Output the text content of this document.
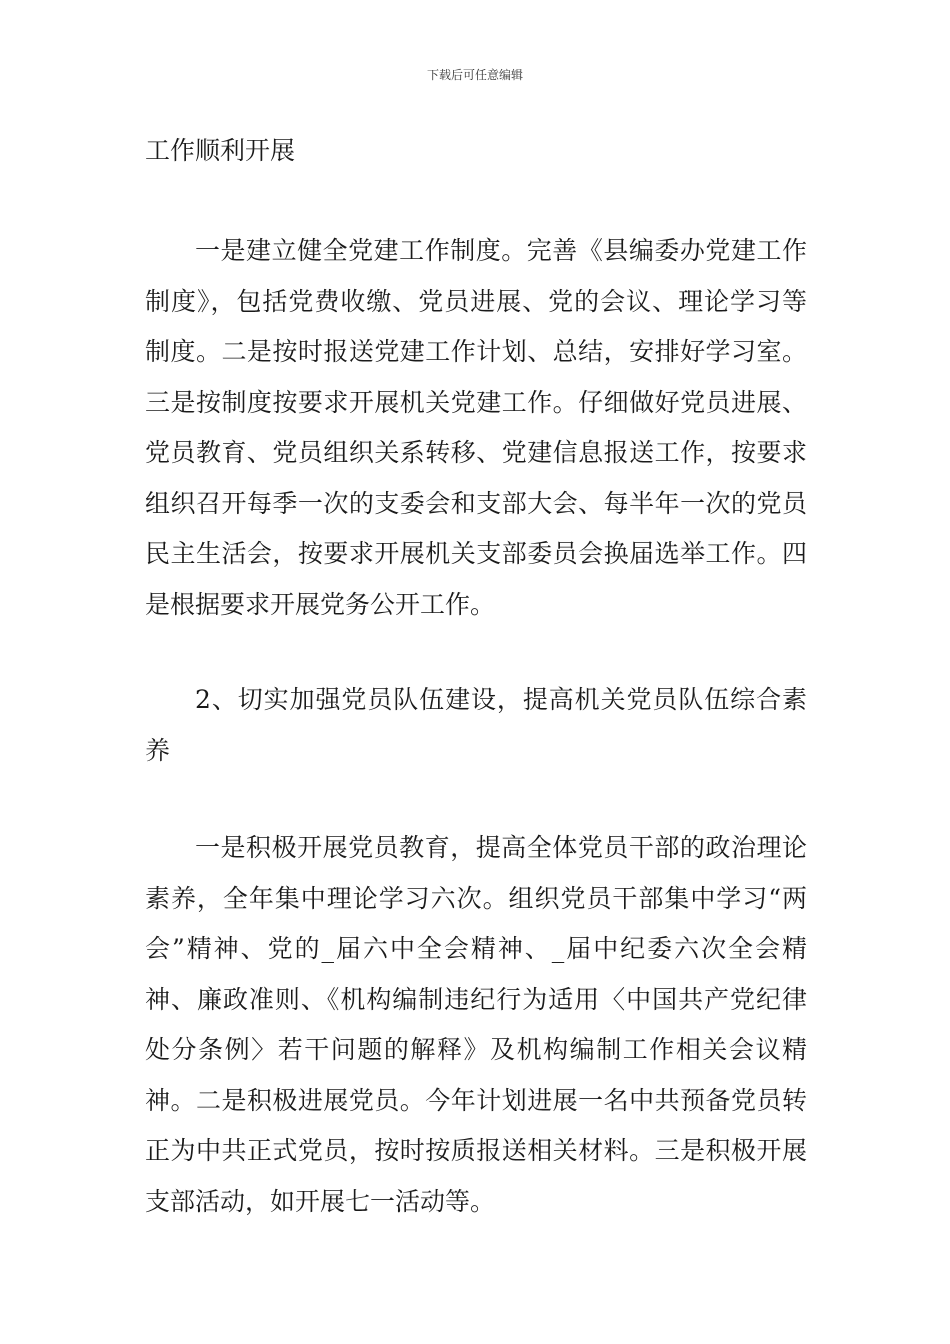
下载后可任意编辑

工作顺利开展

一是建立健全党建工作制度。完善《县编委办党建工作制度》，包括党费收缴、党员进展、党的会议、理论学习等制度。二是按时报送党建工作计划、总结，安排好学习室。三是按制度按要求开展机关党建工作。仔细做好党员进展、党员教育、党员组织关系转移、党建信息报送工作，按要求组织召开每季一次的支委会和支部大会、每半年一次的党员民主生活会，按要求开展机关支部委员会换届选举工作。四是根据要求开展党务公开工作。

2、切实加强党员队伍建设，提高机关党员队伍综合素养

一是积极开展党员教育，提高全体党员干部的政治理论素养，全年集中理论学习六次。组织党员干部集中学习“两会”精神、党的_届六中全会精神、_届中纪委六次全会精神、廉政准则、《机构编制违纪行为适用〈中国共产党纪律处分条例〉若干问题的解释》及机构编制工作相关会议精神。二是积极进展党员。今年计划进展一名中共预备党员转正为中共正式党员，按时按质报送相关材料。三是积极开展支部活动，如开展七一活动等。
